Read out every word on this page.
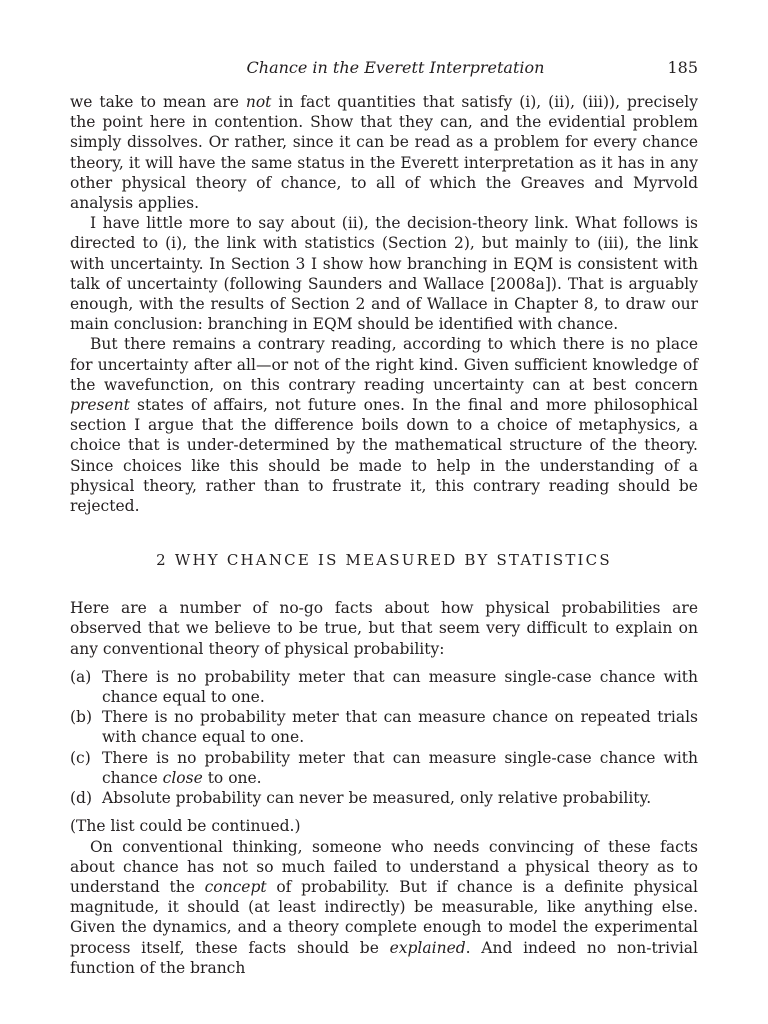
Chance in the Everett Interpretation	185

we take to mean are not in fact quantities that satisfy (i), (ii), (iii)), precisely the point here in contention. Show that they can, and the evidential problem simply dissolves. Or rather, since it can be read as a problem for every chance theory, it will have the same status in the Everett interpretation as it has in any other physical theory of chance, to all of which the Greaves and Myrvold analysis applies.

I have little more to say about (ii), the decision-theory link. What follows is directed to (i), the link with statistics (Section 2), but mainly to (iii), the link with uncertainty. In Section 3 I show how branching in EQM is consistent with talk of uncertainty (following Saunders and Wallace [2008a]). That is arguably enough, with the results of Section 2 and of Wallace in Chapter 8, to draw our main conclusion: branching in EQM should be identified with chance.

But there remains a contrary reading, according to which there is no place for uncertainty after all—or not of the right kind. Given sufficient knowledge of the wavefunction, on this contrary reading uncertainty can at best concern present states of affairs, not future ones. In the final and more philosophical section I argue that the difference boils down to a choice of metaphysics, a choice that is under-determined by the mathematical structure of the theory. Since choices like this should be made to help in the understanding of a physical theory, rather than to frustrate it, this contrary reading should be rejected.

2 WHY CHANCE IS MEASURED BY STATISTICS

Here are a number of no-go facts about how physical probabilities are observed that we believe to be true, but that seem very difficult to explain on any conventional theory of physical probability:

(a) There is no probability meter that can measure single-case chance with chance equal to one.
(b) There is no probability meter that can measure chance on repeated trials with chance equal to one.
(c) There is no probability meter that can measure single-case chance with chance close to one.
(d) Absolute probability can never be measured, only relative probability.

(The list could be continued.)

On conventional thinking, someone who needs convincing of these facts about chance has not so much failed to understand a physical theory as to understand the concept of probability. But if chance is a definite physical magnitude, it should (at least indirectly) be measurable, like anything else. Given the dynamics, and a theory complete enough to model the experimental process itself, these facts should be explained. And indeed no non-trivial function of the branch
